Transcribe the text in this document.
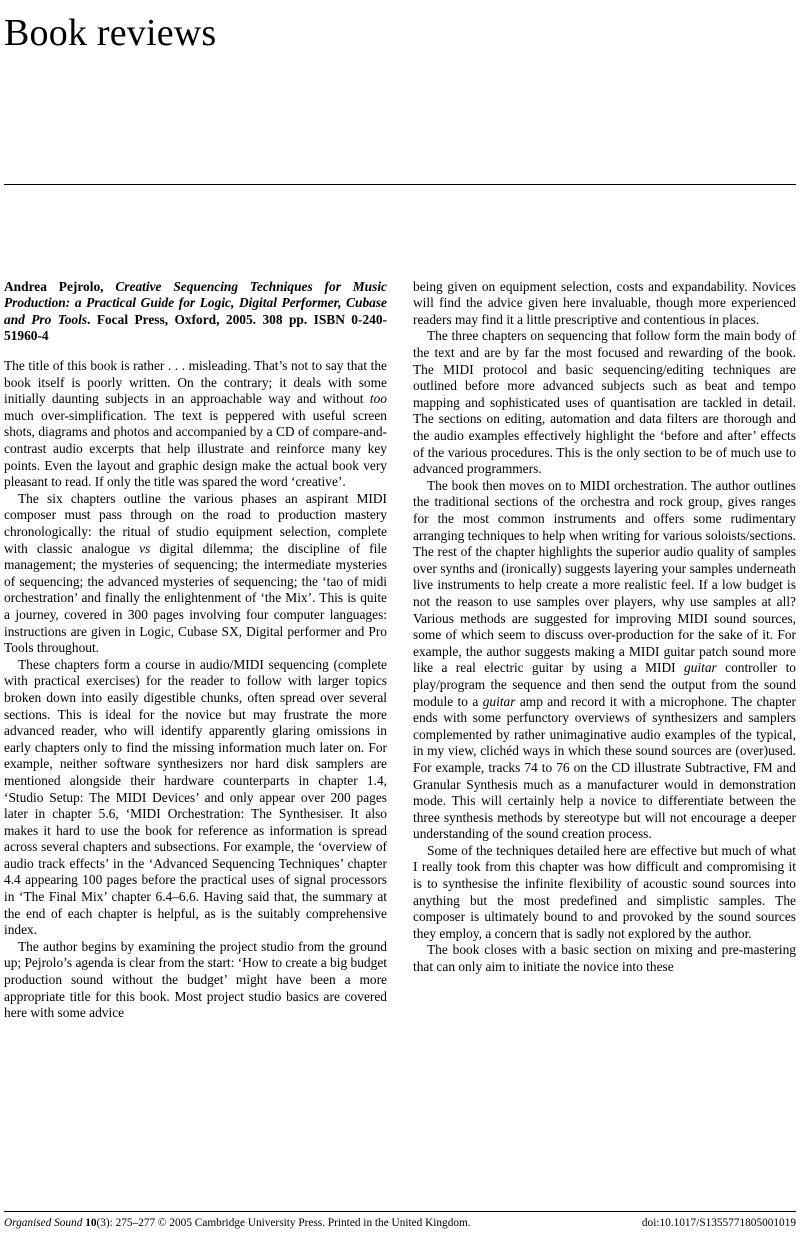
Book reviews

Andrea Pejrolo, Creative Sequencing Techniques for Music Production: a Practical Guide for Logic, Digital Performer, Cubase and Pro Tools. Focal Press, Oxford, 2005. 308 pp. ISBN 0-240-51960-4

The title of this book is rather . . . misleading. That’s not to say that the book itself is poorly written. On the contrary; it deals with some initially daunting subjects in an approachable way and without too much over-simplification. The text is peppered with useful screen shots, diagrams and photos and accompanied by a CD of compare-and-contrast audio excerpts that help illustrate and reinforce many key points. Even the layout and graphic design make the actual book very pleasant to read. If only the title was spared the word ‘creative’.

The six chapters outline the various phases an aspirant MIDI composer must pass through on the road to production mastery chronologically: the ritual of studio equipment selection, complete with classic analogue vs digital dilemma; the discipline of file management; the mysteries of sequencing; the intermediate mysteries of sequencing; the advanced mysteries of sequencing; the ‘tao of midi orchestration’ and finally the enlightenment of ‘the Mix’. This is quite a journey, covered in 300 pages involving four computer languages: instructions are given in Logic, Cubase SX, Digital performer and Pro Tools throughout.

These chapters form a course in audio/MIDI sequencing (complete with practical exercises) for the reader to follow with larger topics broken down into easily digestible chunks, often spread over several sections. This is ideal for the novice but may frustrate the more advanced reader, who will identify apparently glaring omissions in early chapters only to find the missing information much later on. For example, neither software synthesizers nor hard disk samplers are mentioned alongside their hardware counterparts in chapter 1.4, ‘Studio Setup: The MIDI Devices’ and only appear over 200 pages later in chapter 5.6, ‘MIDI Orchestration: The Synthesiser. It also makes it hard to use the book for reference as information is spread across several chapters and subsections. For example, the ‘overview of audio track effects’ in the ‘Advanced Sequencing Techniques’ chapter 4.4 appearing 100 pages before the practical uses of signal processors in ‘The Final Mix’ chapter 6.4–6.6. Having said that, the summary at the end of each chapter is helpful, as is the suitably comprehensive index.

The author begins by examining the project studio from the ground up; Pejrolo’s agenda is clear from the start: ‘How to create a big budget production sound without the budget’ might have been a more appropriate title for this book. Most project studio basics are covered here with some advice

being given on equipment selection, costs and expandability. Novices will find the advice given here invaluable, though more experienced readers may find it a little prescriptive and contentious in places.

The three chapters on sequencing that follow form the main body of the text and are by far the most focused and rewarding of the book. The MIDI protocol and basic sequencing/editing techniques are outlined before more advanced subjects such as beat and tempo mapping and sophisticated uses of quantisation are tackled in detail. The sections on editing, automation and data filters are thorough and the audio examples effectively highlight the ‘before and after’ effects of the various procedures. This is the only section to be of much use to advanced programmers.

The book then moves on to MIDI orchestration. The author outlines the traditional sections of the orchestra and rock group, gives ranges for the most common instruments and offers some rudimentary arranging techniques to help when writing for various soloists/sections. The rest of the chapter highlights the superior audio quality of samples over synths and (ironically) suggests layering your samples underneath live instruments to help create a more realistic feel. If a low budget is not the reason to use samples over players, why use samples at all? Various methods are suggested for improving MIDI sound sources, some of which seem to discuss over-production for the sake of it. For example, the author suggests making a MIDI guitar patch sound more like a real electric guitar by using a MIDI guitar controller to play/program the sequence and then send the output from the sound module to a guitar amp and record it with a microphone. The chapter ends with some perfunctory overviews of synthesizers and samplers complemented by rather unimaginative audio examples of the typical, in my view, clichéd ways in which these sound sources are (over)used. For example, tracks 74 to 76 on the CD illustrate Subtractive, FM and Granular Synthesis much as a manufacturer would in demonstration mode. This will certainly help a novice to differentiate between the three synthesis methods by stereotype but will not encourage a deeper understanding of the sound creation process.

Some of the techniques detailed here are effective but much of what I really took from this chapter was how difficult and compromising it is to synthesise the infinite flexibility of acoustic sound sources into anything but the most predefined and simplistic samples. The composer is ultimately bound to and provoked by the sound sources they employ, a concern that is sadly not explored by the author.

The book closes with a basic section on mixing and pre-mastering that can only aim to initiate the novice into these

Organised Sound 10(3): 275–277 © 2005 Cambridge University Press. Printed in the United Kingdom.	doi:10.1017/S1355771805001019
